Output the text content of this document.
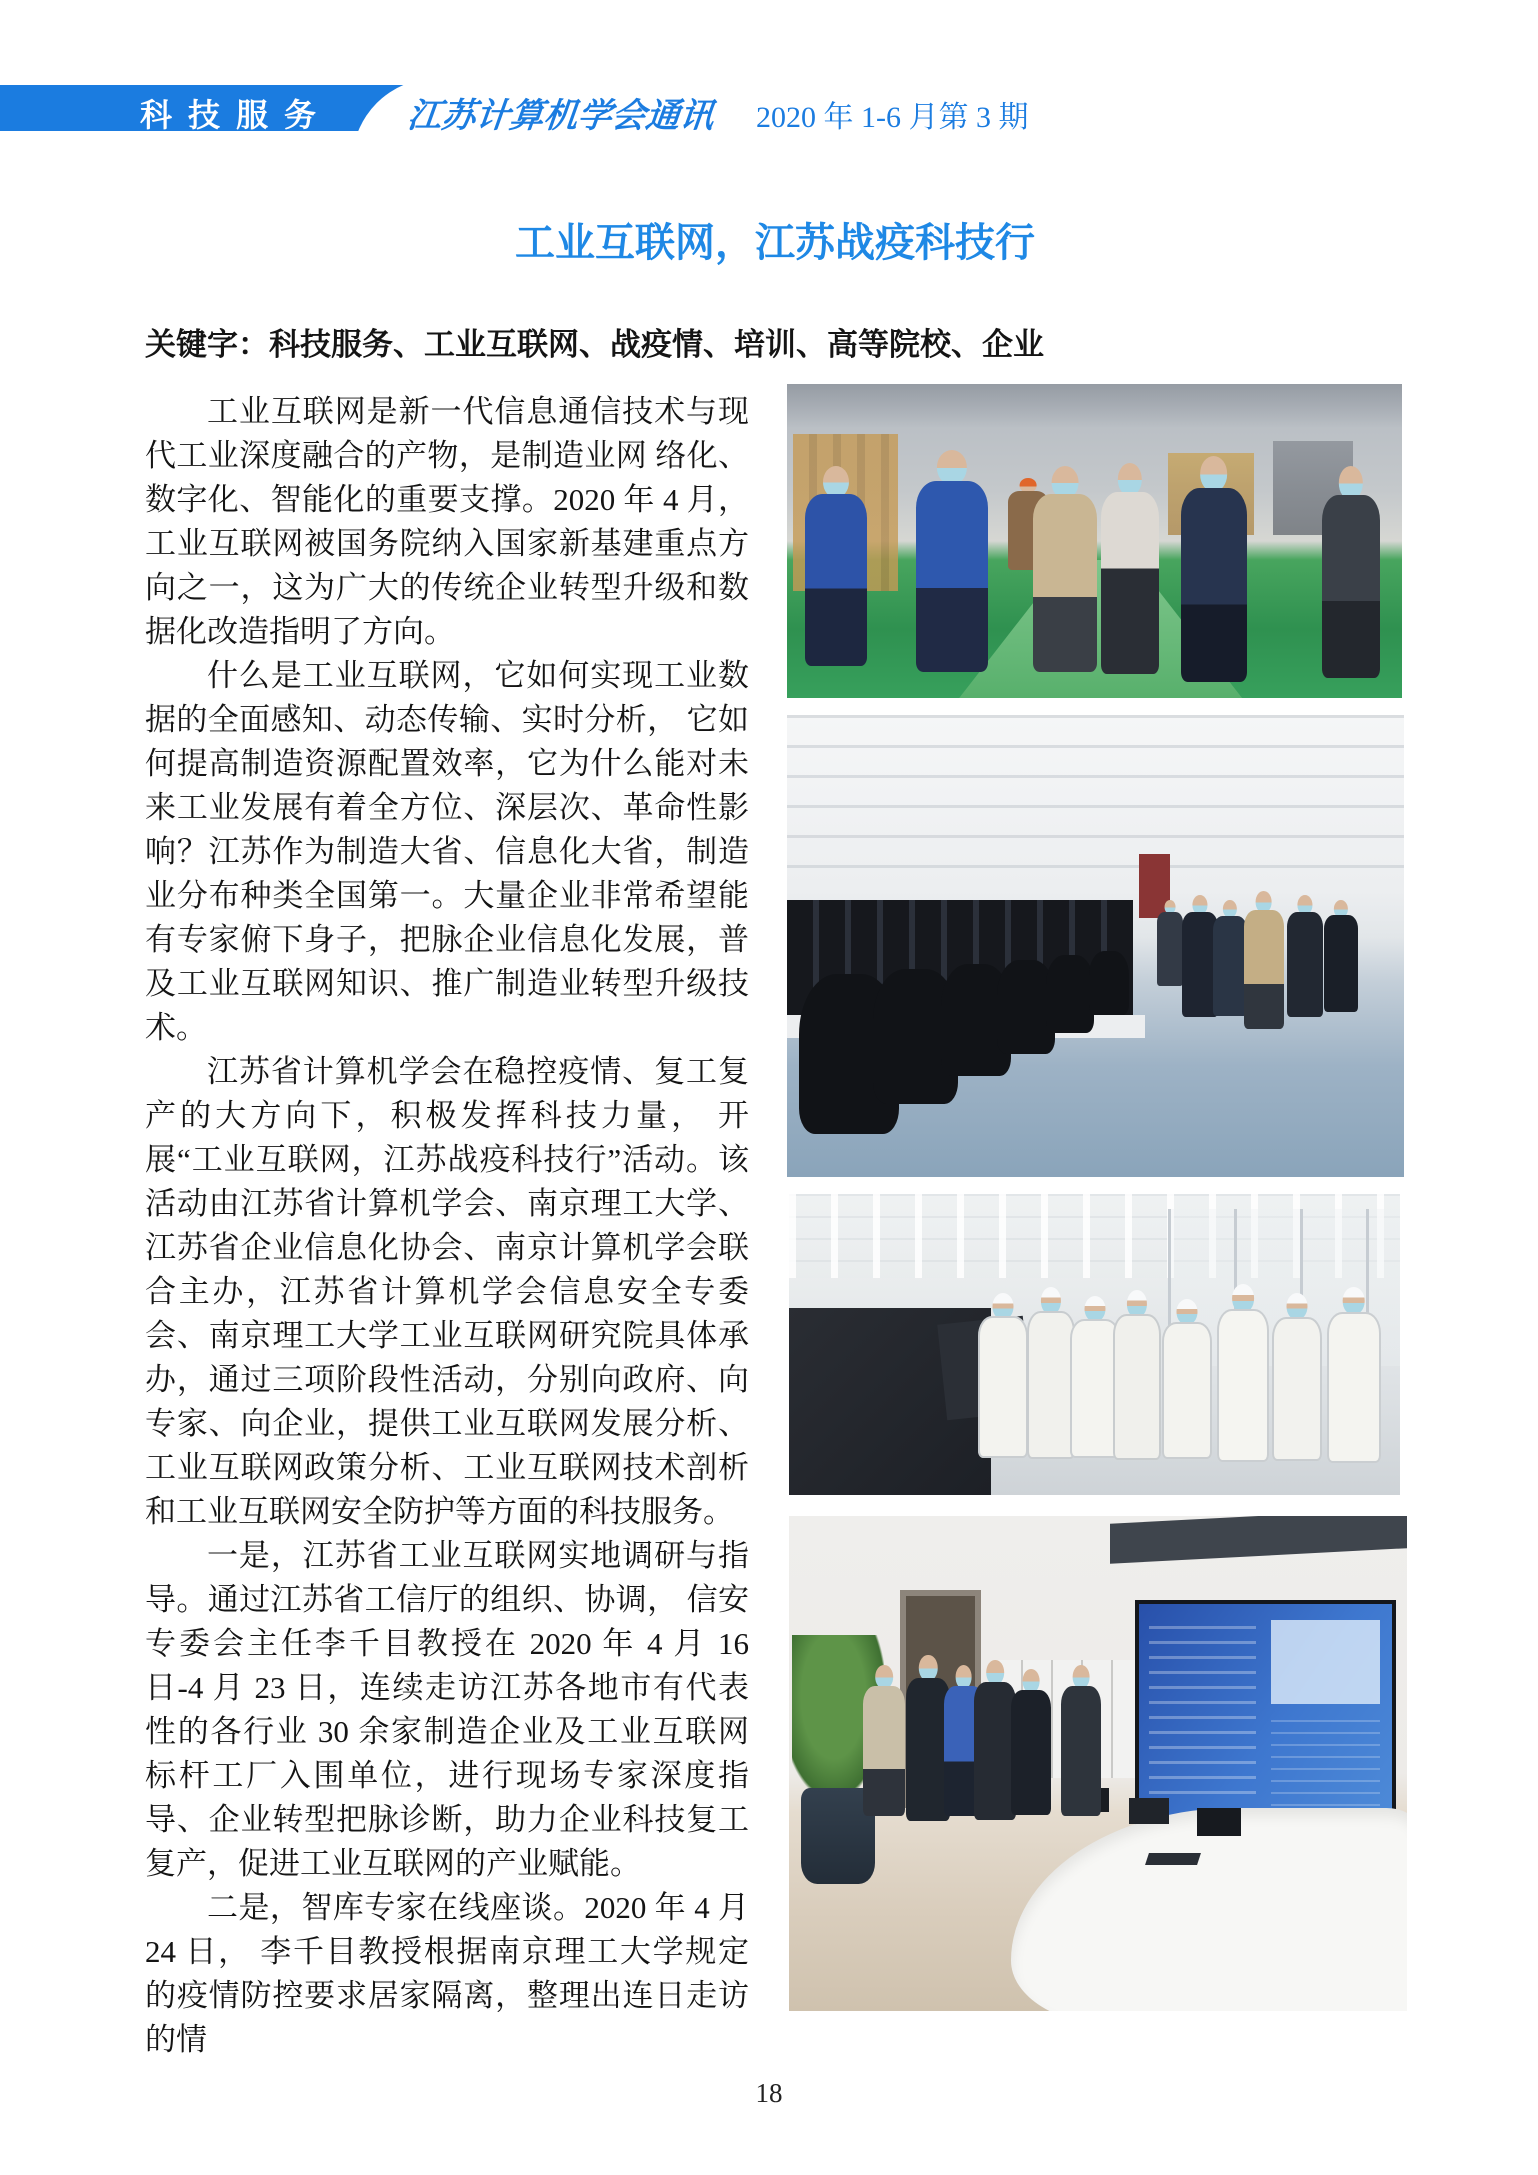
科技服务 江苏计算机学会通讯 2020 年 1-6 月第 3 期
工业互联网，江苏战疫科技行
关键字：科技服务、工业互联网、战疫情、培训、高等院校、企业

工业互联网是新一代信息通信技术与现代工业深度融合的产物，是制造业网 络化、数字化、智能化的重要支撑。2020 年 4 月，工业互联网被国务院纳入国家新基建重点方向之一，这为广大的传统企业转型升级和数据化改造指明了方向。

什么是工业互联网，它如何实现工业数据的全面感知、动态传输、实时分析， 它如何提高制造资源配置效率，它为什么能对未来工业发展有着全方位、深层次、革命性影响？江苏作为制造大省、信息化大省，制造业分布种类全国第一。大量企业非常希望能有专家俯下身子，把脉企业信息化发展，普及工业互联网知识、推广制造业转型升级技术。

江苏省计算机学会在稳控疫情、复工复产的大方向下，积极发挥科技力量， 开展“工业互联网，江苏战疫科技行”活动。该活动由江苏省计算机学会、南京理工大学、江苏省企业信息化协会、南京计算机学会联合主办，江苏省计算机学会信息安全专委会、南京理工大学工业互联网研究院具体承办，通过三项阶段性活动，分别向政府、向专家、向企业，提供工业互联网发展分析、工业互联网政策分析、工业互联网技术剖析和工业互联网安全防护等方面的科技服务。

一是，江苏省工业互联网实地调研与指导。通过江苏省工信厅的组织、协调， 信安专委会主任李千目教授在 2020 年 4 月 16 日-4 月 23 日，连续走访江苏各地市有代表性的各行业 30 余家制造企业及工业互联网标杆工厂入围单位，进行现场专家深度指导、企业转型把脉诊断，助力企业科技复工复产，促进工业互联网的产业赋能。

二是，智库专家在线座谈。2020 年 4 月 24 日， 李千目教授根据南京理工大学规定的疫情防控要求居家隔离，整理出连日走访的情

18
